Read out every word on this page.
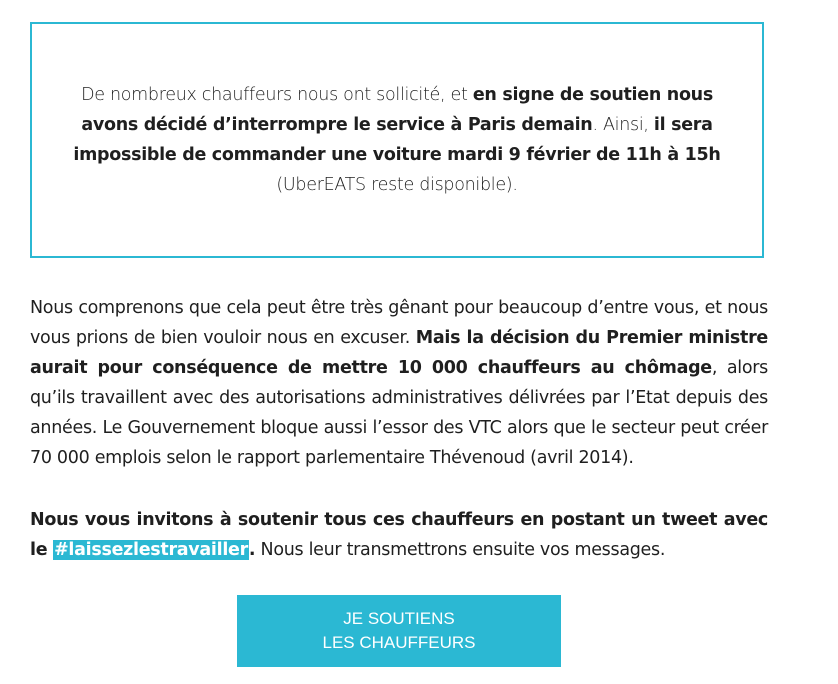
De nombreux chauffeurs nous ont sollicité, et en signe de soutien nous avons décidé d’interrompre le service à Paris demain. Ainsi, il sera impossible de commander une voiture mardi 9 février de 11h à 15h (UberEATS reste disponible).

Nous comprenons que cela peut être très gênant pour beaucoup d’entre vous, et nous vous prions de bien vouloir nous en excuser. Mais la décision du Premier ministre aurait pour conséquence de mettre 10 000 chauffeurs au chômage, alors qu’ils travaillent avec des autorisations administratives délivrées par l’Etat depuis des années. Le Gouvernement bloque aussi l’essor des VTC alors que le secteur peut créer 70 000 emplois selon le rapport parlementaire Thévenoud (avril 2014).

Nous vous invitons à soutenir tous ces chauffeurs en postant un tweet avec le #laissezlestravailler. Nous leur transmettrons ensuite vos messages.

JE SOUTIENS
LES CHAUFFEURS
